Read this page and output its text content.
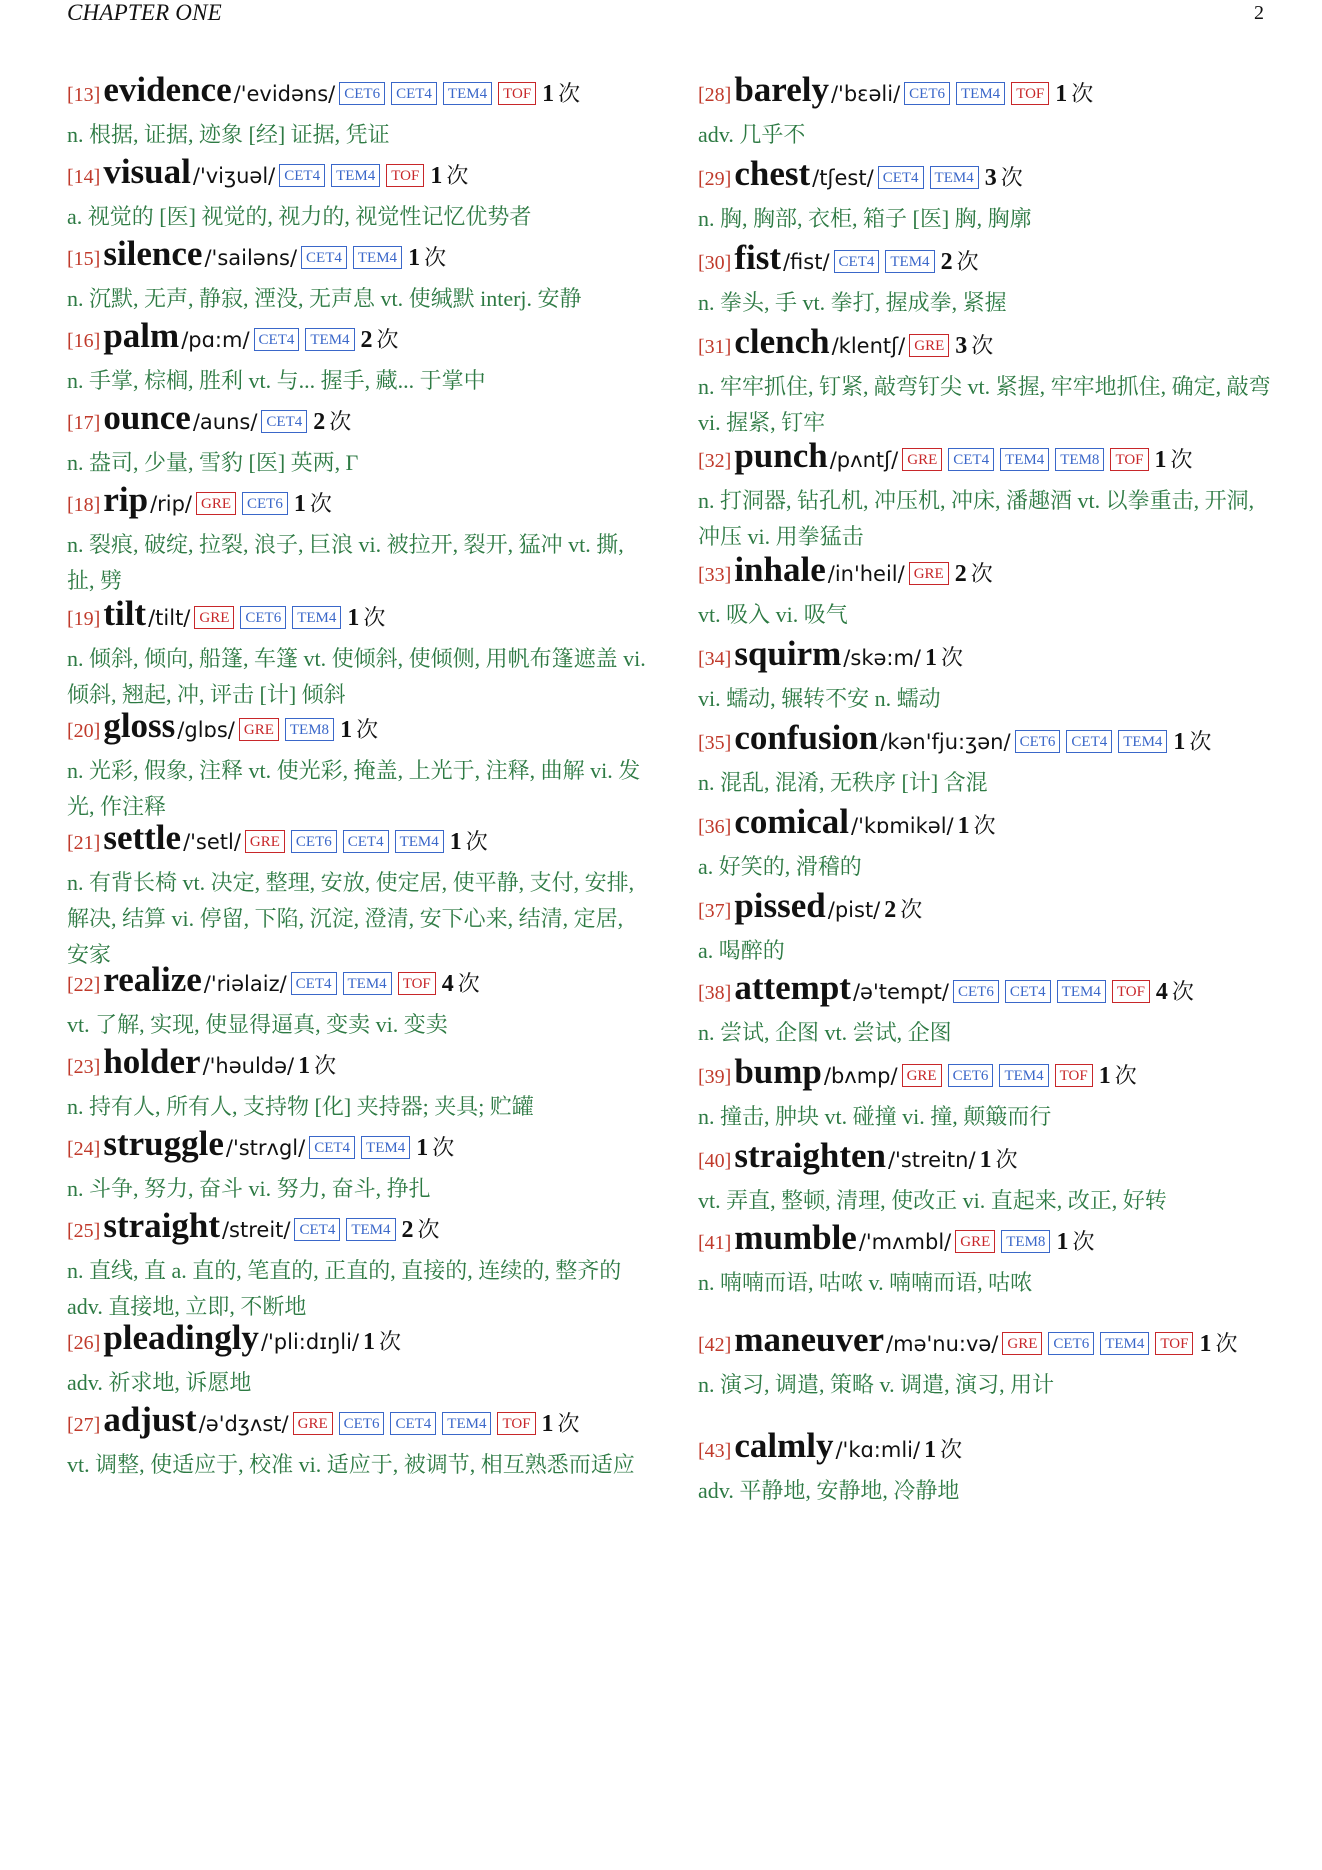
CHAPTER ONE	2
[13]evidence/'evidəns/ CET6 CET4 TEM4 TOF 1 次
n. 根据, 证据, 迹象 [经] 证据, 凭证
[14]visual/'viʒuəl/ CET4 TEM4 TOF 1 次
a. 视觉的 [医] 视觉的, 视力的, 视觉性记忆优势者
[15]silence/'sailəns/ CET4 TEM4 1 次
n. 沉默, 无声, 静寂, 湮没, 无声息 vt. 使缄默 interj. 安静
[16]palm/pɑ:m/ CET4 TEM4 2 次
n. 手掌, 棕榈, 胜利 vt. 与... 握手, 藏... 于掌中
[17]ounce/auns/ CET4 2 次
n. 盎司, 少量, 雪豹 [医] 英两, Γ
[18]rip/rip/ GRE CET6 1 次
n. 裂痕, 破绽, 拉裂, 浪子, 巨浪 vi. 被拉开, 裂开, 猛冲 vt. 撕, 扯, 劈
[19]tilt/tilt/ GRE CET6 TEM4 1 次
n. 倾斜, 倾向, 船篷, 车篷 vt. 使倾斜, 使倾侧, 用帆布篷遮盖 vi. 倾斜, 翘起, 冲, 评击 [计] 倾斜
[20]gloss/glɒs/ GRE TEM8 1 次
n. 光彩, 假象, 注释 vt. 使光彩, 掩盖, 上光于, 注释, 曲解 vi. 发光, 作注释
[21]settle/'setl/ GRE CET6 CET4 TEM4 1 次
n. 有背长椅 vt. 决定, 整理, 安放, 使定居, 使平静, 支付, 安排, 解决, 结算 vi. 停留, 下陷, 沉淀, 澄清, 安下心来, 结清, 定居, 安家
[22]realize/'riəlaiz/ CET4 TEM4 TOF 4 次
vt. 了解, 实现, 使显得逼真, 变卖 vi. 变卖
[23]holder/'həuldə/ 1 次
n. 持有人, 所有人, 支持物 [化] 夹持器; 夹具; 贮罐
[24]struggle/'strʌgl/ CET4 TEM4 1 次
n. 斗争, 努力, 奋斗 vi. 努力, 奋斗, 挣扎
[25]straight/streit/ CET4 TEM4 2 次
n. 直线, 直 a. 直的, 笔直的, 正直的, 直接的, 连续的, 整齐的 adv. 直接地, 立即, 不断地
[26]pleadingly/'pli:dɪŋli/ 1 次
adv. 祈求地, 诉愿地
[27]adjust/ə'dʒʌst/ GRE CET6 CET4 TEM4 TOF 1 次
vt. 调整, 使适应于, 校准 vi. 适应于, 被调节, 相互熟悉而适应
[28]barely/'bɛəli/ CET6 TEM4 TOF 1 次
adv. 几乎不
[29]chest/tʃest/ CET4 TEM4 3 次
n. 胸, 胸部, 衣柜, 箱子 [医] 胸, 胸廓
[30]fist/fist/ CET4 TEM4 2 次
n. 拳头, 手 vt. 拳打, 握成拳, 紧握
[31]clench/klentʃ/ GRE 3 次
n. 牢牢抓住, 钉紧, 敲弯钉尖 vt. 紧握, 牢牢地抓住, 确定, 敲弯 vi. 握紧, 钉牢
[32]punch/pʌntʃ/ GRE CET4 TEM4 TEM8 TOF 1 次
n. 打洞器, 钻孔机, 冲压机, 冲床, 潘趣酒 vt. 以拳重击, 开洞, 冲压 vi. 用拳猛击
[33]inhale/in'heil/ GRE 2 次
vt. 吸入 vi. 吸气
[34]squirm/skə:m/ 1 次
vi. 蠕动, 辗转不安 n. 蠕动
[35]confusion/kən'fju:ʒən/ CET6 CET4 TEM4 1 次
n. 混乱, 混淆, 无秩序 [计] 含混
[36]comical/'kɒmikəl/ 1 次
a. 好笑的, 滑稽的
[37]pissed/pist/ 2 次
a. 喝醉的
[38]attempt/ə'tempt/ CET6 CET4 TEM4 TOF 4 次
n. 尝试, 企图 vt. 尝试, 企图
[39]bump/bʌmp/ GRE CET6 TEM4 TOF 1 次
n. 撞击, 肿块 vt. 碰撞 vi. 撞, 颠簸而行
[40]straighten/'streitn/ 1 次
vt. 弄直, 整顿, 清理, 使改正 vi. 直起来, 改正, 好转
[41]mumble/'mʌmbl/ GRE TEM8 1 次
n. 喃喃而语, 咕哝 v. 喃喃而语, 咕哝
[42]maneuver/mə'nu:və/ GRE CET6 TEM4 TOF 1 次
n. 演习, 调遣, 策略 v. 调遣, 演习, 用计
[43]calmly/'kɑ:mli/ 1 次
adv. 平静地, 安静地, 冷静地
